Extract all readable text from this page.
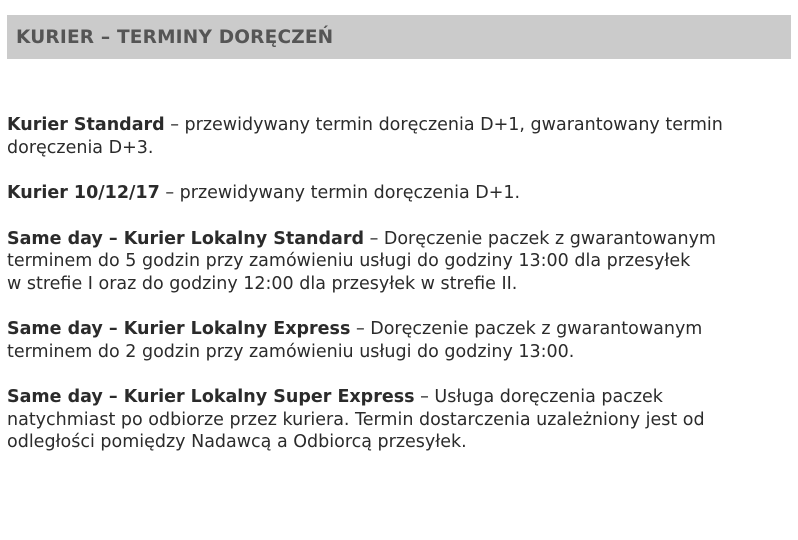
KURIER – TERMINY DORĘCZEŃ

Kurier Standard – przewidywany termin doręczenia D+1, gwarantowany termin
doręczenia D+3.

Kurier 10/12/17 – przewidywany termin doręczenia D+1.

Same day – Kurier Lokalny Standard – Doręczenie paczek z gwarantowanym
terminem do 5 godzin przy zamówieniu usługi do godziny 13:00 dla przesyłek
w strefie I oraz do godziny 12:00 dla przesyłek w strefie II.

Same day – Kurier Lokalny Express – Doręczenie paczek z gwarantowanym
terminem do 2 godzin przy zamówieniu usługi do godziny 13:00.

Same day – Kurier Lokalny Super Express – Usługa doręczenia paczek
natychmiast po odbiorze przez kuriera. Termin dostarczenia uzależniony jest od
odległości pomiędzy Nadawcą a Odbiorcą przesyłek.
